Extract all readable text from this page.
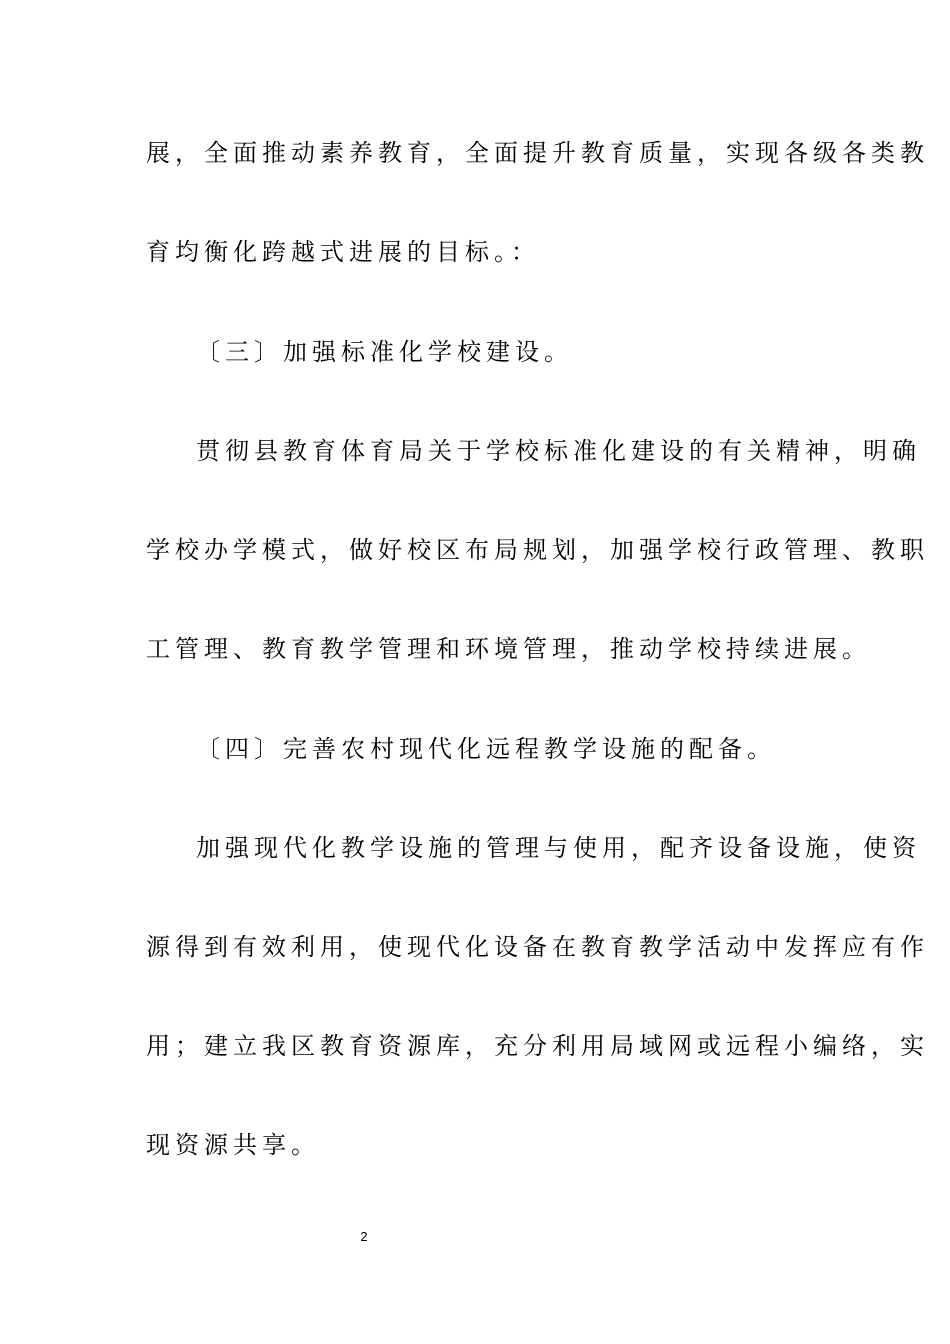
展，全面推动素养教育，全面提升教育质量，实现各级各类教
育均衡化跨越式进展的目标。：
〔三〕加强标准化学校建设。
贯彻县教育体育局关于学校标准化建设的有关精神，明确
学校办学模式，做好校区布局规划，加强学校行政管理、教职
工管理、教育教学管理和环境管理，推动学校持续进展。
〔四〕完善农村现代化远程教学设施的配备。
加强现代化教学设施的管理与使用，配齐设备设施，使资
源得到有效利用，使现代化设备在教育教学活动中发挥应有作
用；建立我区教育资源库，充分利用局域网或远程小编络，实
现资源共享。
2
